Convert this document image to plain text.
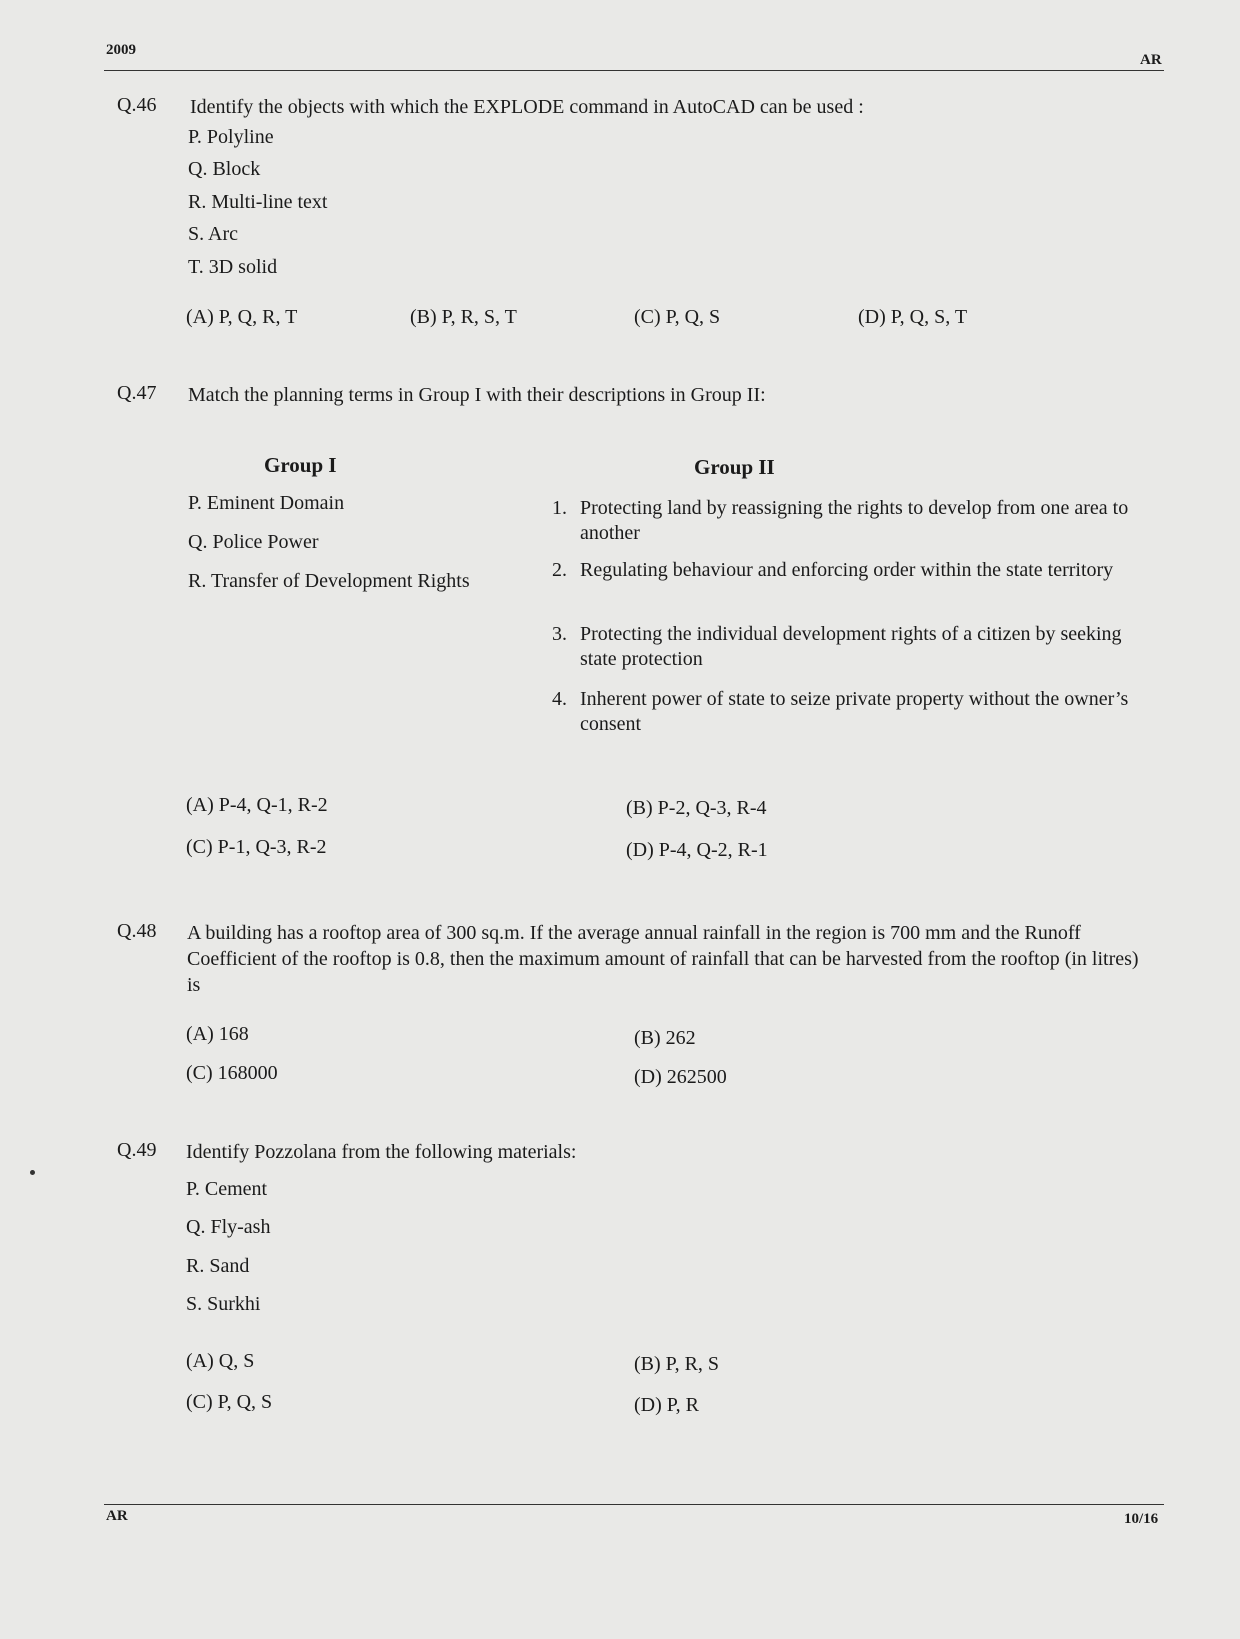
2009
AR
Q.46 Identify the objects with which the EXPLODE command in AutoCAD can be used :
P. Polyline
Q. Block
R. Multi-line text
S. Arc
T. 3D solid
(A) P, Q, R, T	(B) P, R, S, T	(C) P, Q, S	(D) P, Q, S, T
Q.47 Match the planning terms in Group I with their descriptions in Group II:
Group I	Group II
P. Eminent Domain
Q. Police Power
R. Transfer of Development Rights
1. Protecting land by reassigning the rights to develop from one area to another
2. Regulating behaviour and enforcing order within the state territory
3. Protecting the individual development rights of a citizen by seeking state protection
4. Inherent power of state to seize private property without the owner’s consent
(A) P-4, Q-1, R-2	(B) P-2, Q-3, R-4
(C) P-1, Q-3, R-2	(D) P-4, Q-2, R-1
Q.48 A building has a rooftop area of 300 sq.m. If the average annual rainfall in the region is 700 mm and the Runoff Coefficient of the rooftop is 0.8, then the maximum amount of rainfall that can be harvested from the rooftop (in litres) is
(A) 168	(B) 262
(C) 168000	(D) 262500
Q.49 Identify Pozzolana from the following materials:
P. Cement
Q. Fly-ash
R. Sand
S. Surkhi
(A) Q, S	(B) P, R, S
(C) P, Q, S	(D) P, R
AR	10/16
